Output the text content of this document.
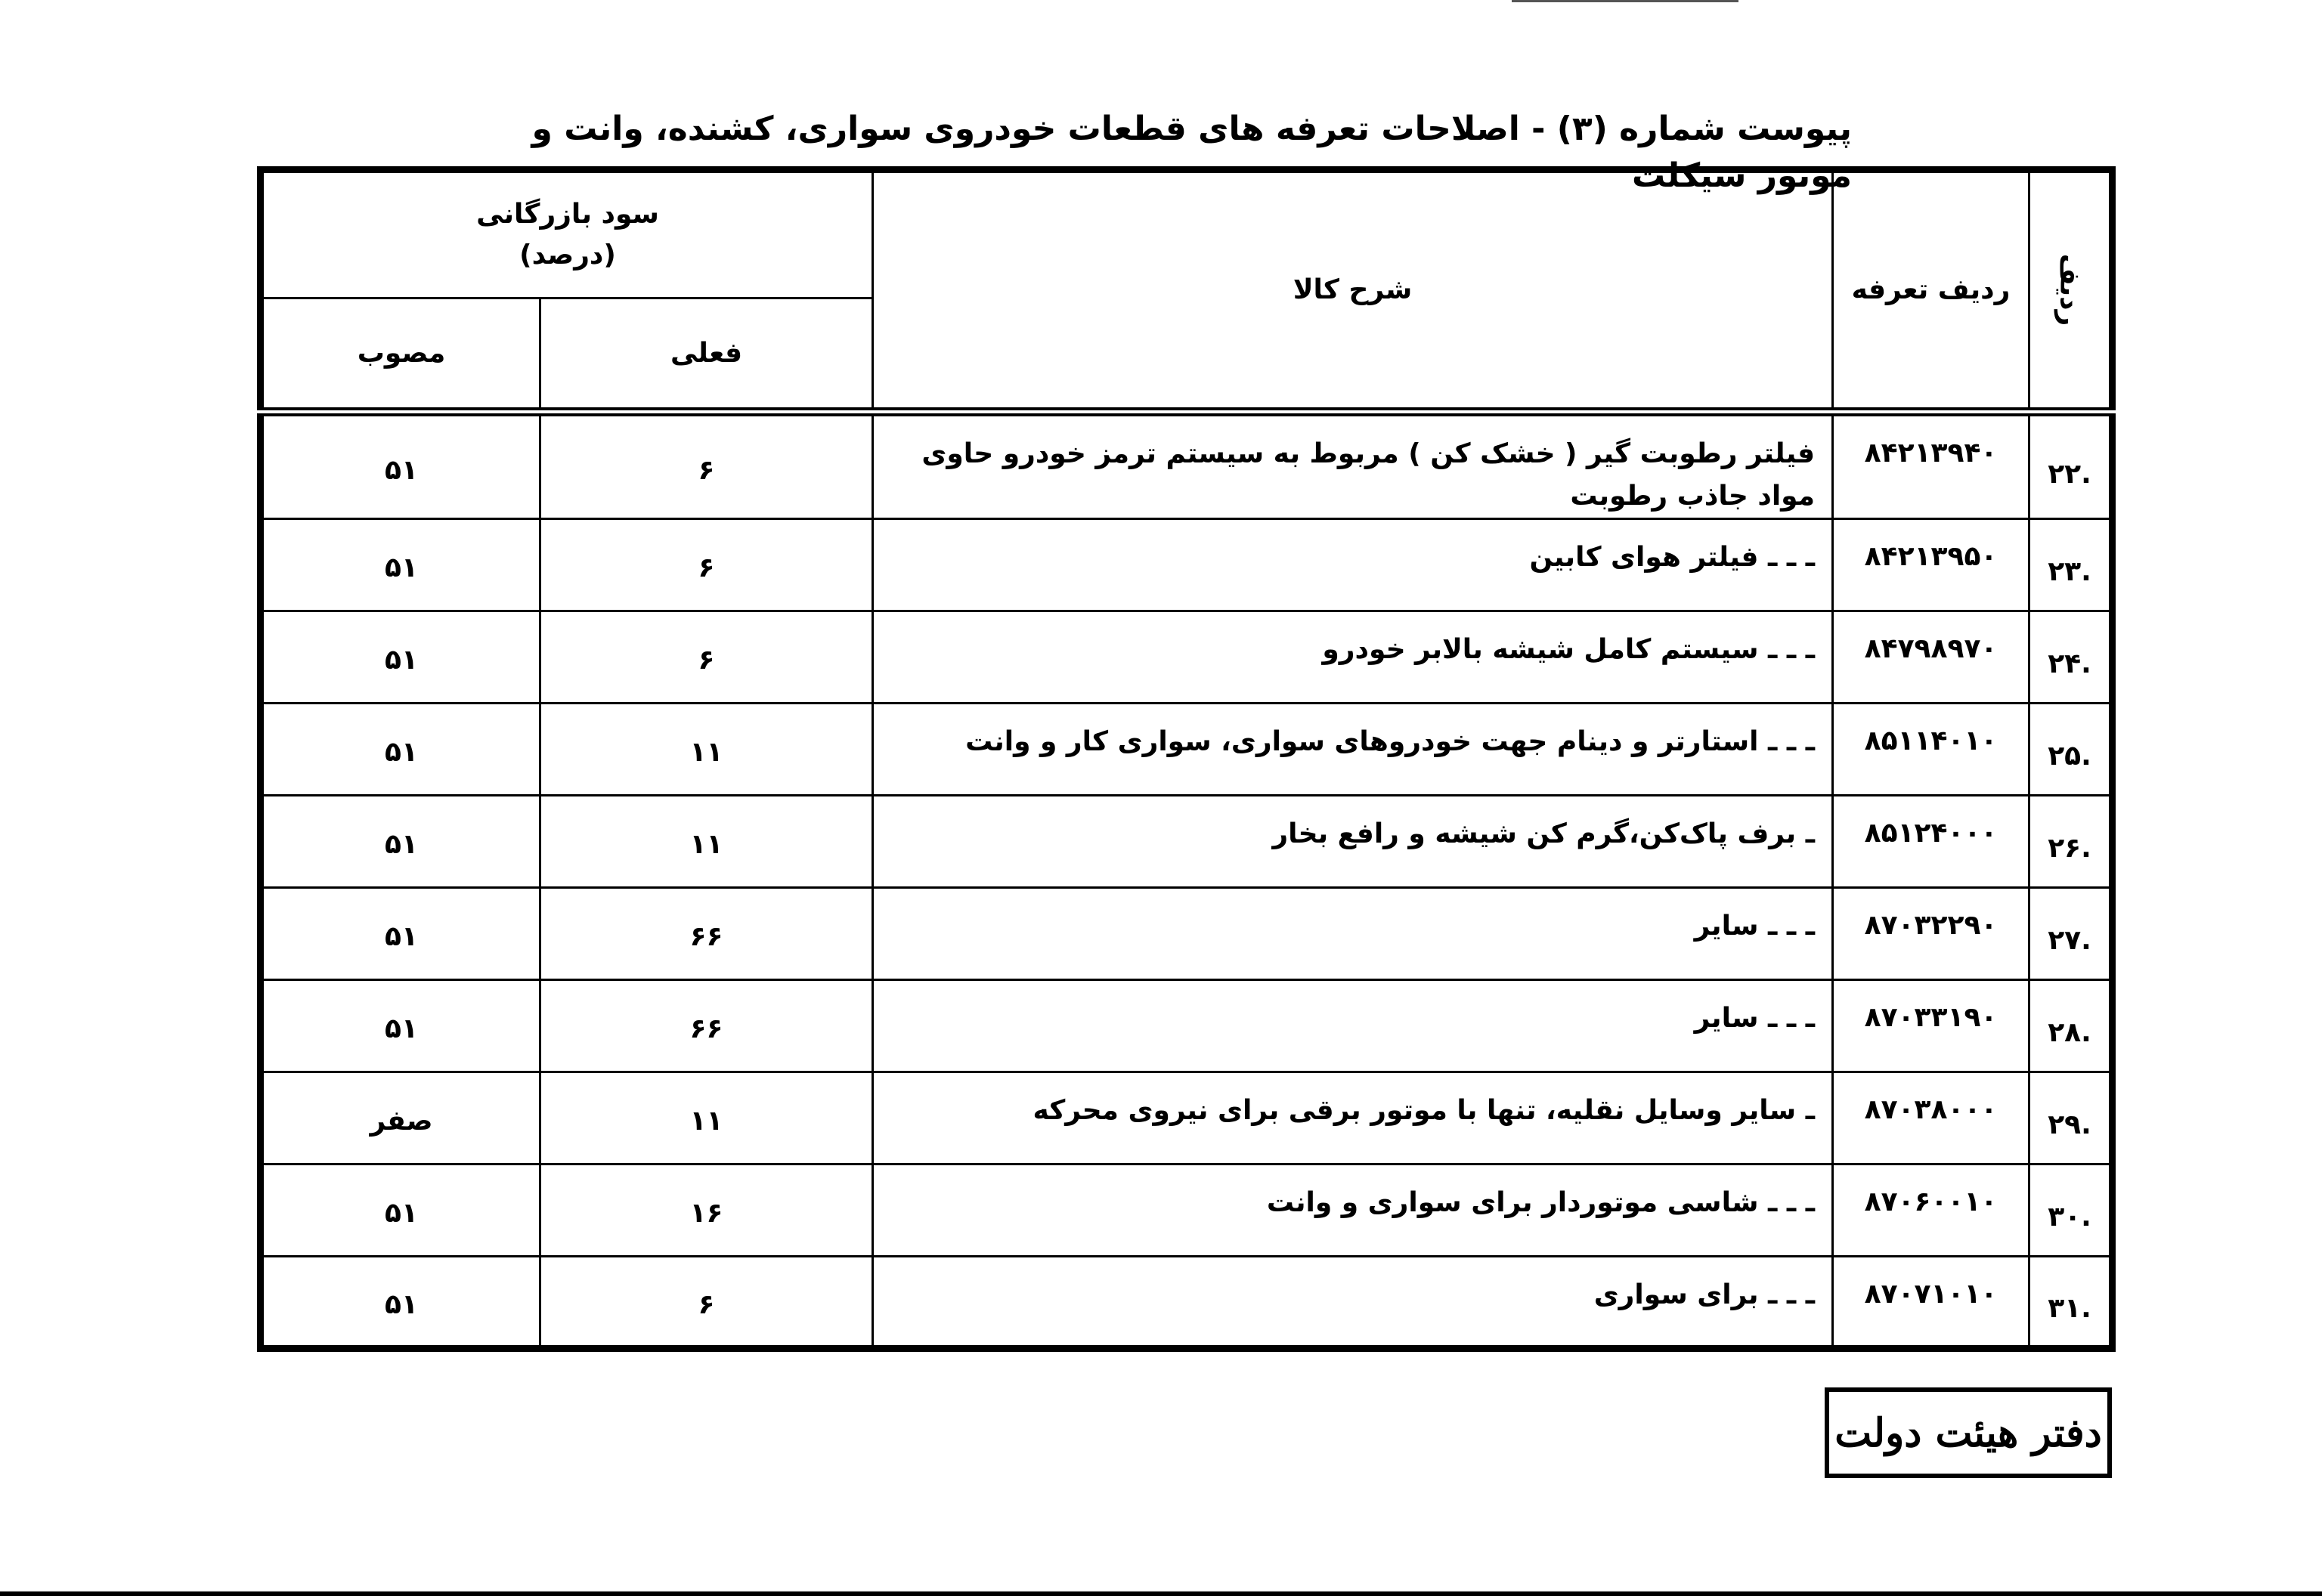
پیوست شماره (۳) - اصلاحات تعرفه های قطعات خودروی سواری، کشنده، وانت و موتور سیکلت
ردیف	ردیف تعرفه	شرح کالا	سود بازرگانی
(درصد)	

			فعلی	مصوب
.۲۲	۸۴۲۱۳۹۴۰	فیلتر رطوبت گیر ( خشک کن ) مربوط به سیستم ترمز خودرو حاوی مواد جاذب رطوبت	۶	۵۱
.۲۳	۸۴۲۱۳۹۵۰	ـ ـ ـ فیلتر هوای کابین	۶	۵۱
.۲۴	۸۴۷۹۸۹۷۰	ـ ـ ـ سیستم کامل شیشه بالابر خودرو	۶	۵۱
.۲۵	۸۵۱۱۴۰۱۰	ـ ـ ـ استارتر و دینام جهت خودروهای سواری، سواری کار و وانت	۱۱	۵۱
.۲۶	۸۵۱۲۴۰۰۰	ـ برف پاک‌کن،گرم کن شیشه و رافع بخار	۱۱	۵۱
.۲۷	۸۷۰۳۲۲۹۰	ـ ـ ـ سایر	۶۶	۵۱
.۲۸	۸۷۰۳۳۱۹۰	ـ ـ ـ سایر	۶۶	۵۱
.۲۹	۸۷۰۳۸۰۰۰	ـ سایر وسایل نقلیه، تنها با موتور برقی برای نیروی محرکه	۱۱	صفر
.۳۰	۸۷۰۶۰۰۱۰	ـ ـ ـ شاسی موتوردار برای سواری و وانت	۱۶	۵۱
.۳۱	۸۷۰۷۱۰۱۰	ـ ـ ـ برای سواری	۶	۵۱
دفتر هیئت دولت
